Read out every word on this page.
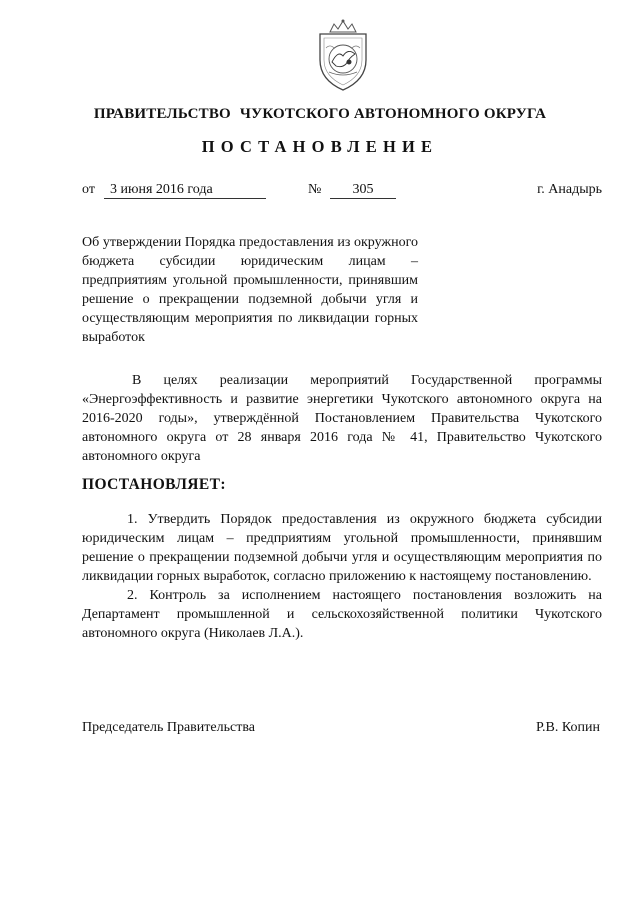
ПРАВИТЕЛЬСТВО ЧУКОТСКОГО АВТОНОМНОГО ОКРУГА
ПОСТАНОВЛЕНИЕ
от	3 июня 2016 года	№	305	г. Анадырь
Об утверждении Порядка предоставления из окружного бюджета субсидии юридическим лицам – предприятиям угольной промышленности, принявшим решение о прекращении подземной добычи угля и осуществляющим мероприятия по ликвидации горных выработок
В целях реализации мероприятий Государственной программы «Энергоэффективность и развитие энергетики Чукотского автономного округа на 2016-2020 годы», утверждённой Постановлением Правительства Чукотского автономного округа от 28 января 2016 года № 41, Правительство Чукотского автономного округа
ПОСТАНОВЛЯЕТ:

1. Утвердить Порядок предоставления из окружного бюджета субсидии юридическим лицам – предприятиям угольной промышленности, принявшим решение о прекращении подземной добычи угля и осуществляющим мероприятия по ликвидации горных выработок, согласно приложению к настоящему постановлению.

2. Контроль за исполнением настоящего постановления возложить на Департамент промышленной и сельскохозяйственной политики Чукотского автономного округа (Николаев Л.А.).

Председатель Правительства	Р.В. Копин
